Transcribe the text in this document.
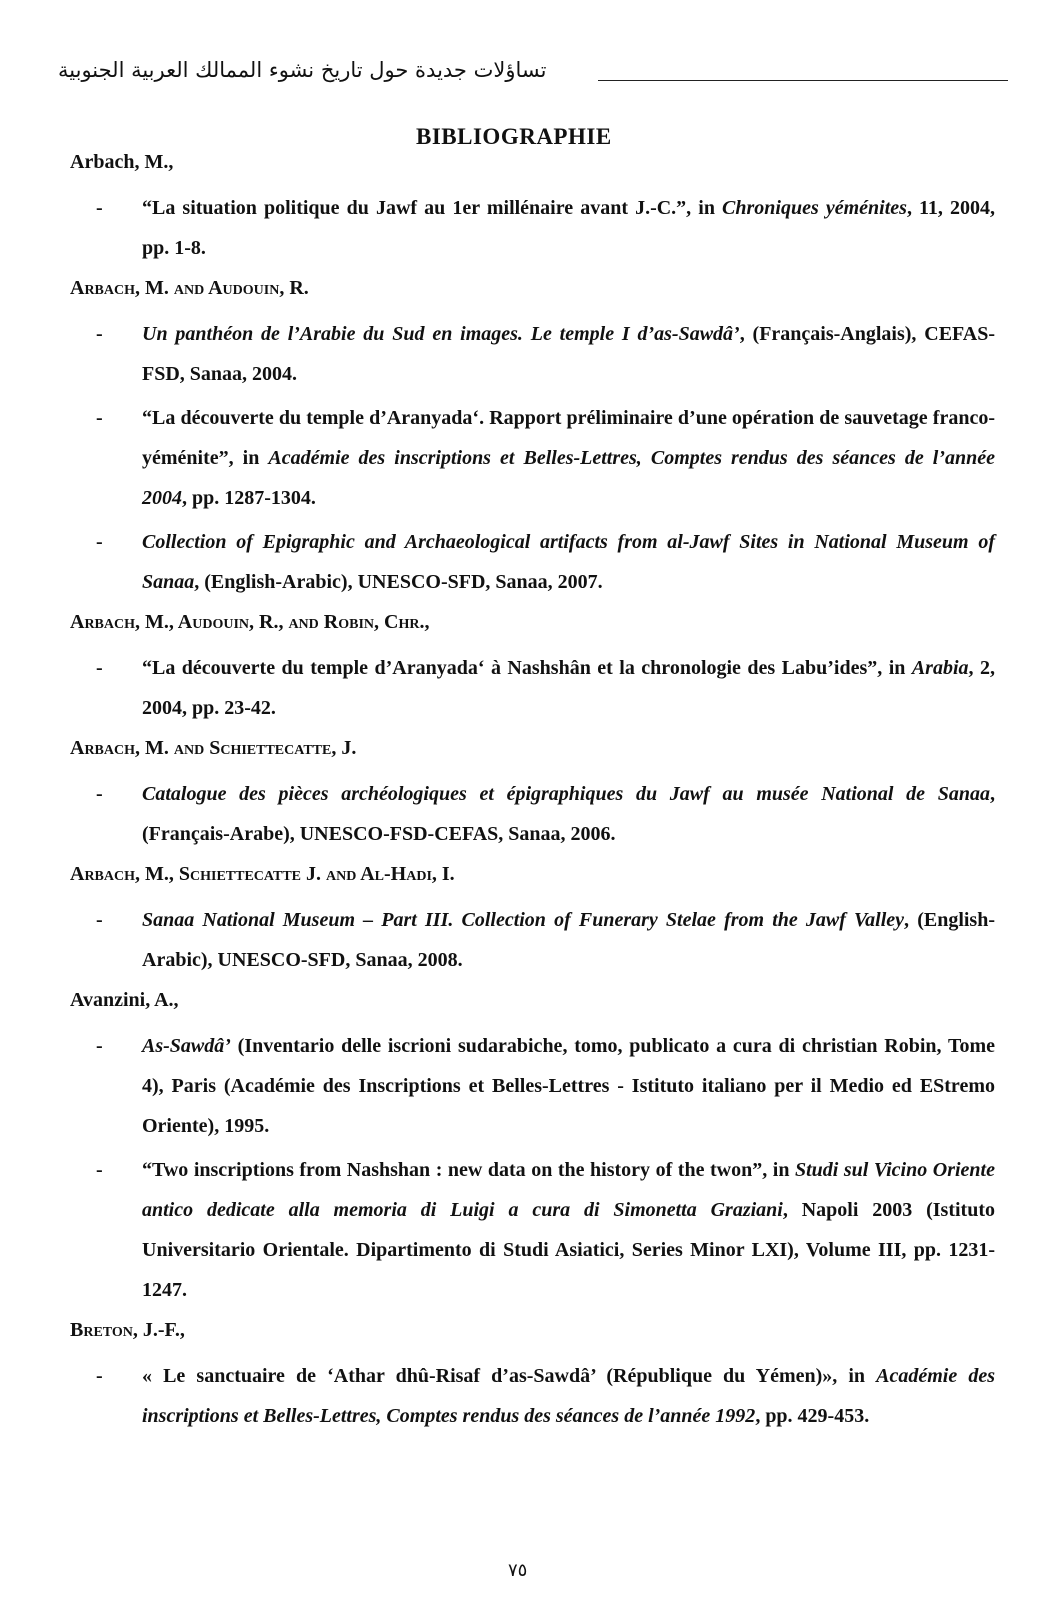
تساؤلات جديدة حول تاريخ نشوء الممالك العربية الجنوبية
BIBLIOGRAPHIE

Arbach, M.,

- “La situation politique du Jawf au 1er millénaire avant J.-C.”, in Chroniques yéménites, 11, 2004, pp. 1-8.

Arbach, M. and Audouin, R.

- Un panthéon de l’Arabie du Sud en images. Le temple I d’as-Sawdâ’, (Français-Anglais), CEFAS-FSD, Sanaa, 2004.

- “La découverte du temple d’Aranyada‘. Rapport préliminaire d’une opération de sauvetage franco-yéménite”, in Académie des inscriptions et Belles-Lettres, Comptes rendus des séances de l’année 2004, pp. 1287-1304.

- Collection of Epigraphic and Archaeological artifacts from al-Jawf Sites in National Museum of Sanaa, (English-Arabic), UNESCO-SFD, Sanaa, 2007.

Arbach, M., Audouin, R., and Robin, Chr.,

- “La découverte du temple d’Aranyada‘ à Nashshân et la chronologie des Labu’ides”, in Arabia, 2, 2004, pp. 23-42.

Arbach, M. and Schiettecatte, J.

- Catalogue des pièces archéologiques et épigraphiques du Jawf au musée National de Sanaa, (Français-Arabe), UNESCO-FSD-CEFAS, Sanaa, 2006.

Arbach, M., Schiettecatte J. and Al-Hadi, I.

- Sanaa National Museum – Part III. Collection of Funerary Stelae from the Jawf Valley, (English-Arabic), UNESCO-SFD, Sanaa, 2008.

Avanzini, A.,

- As-Sawdâ’ (Inventario delle iscrioni sudarabiche, tomo, publicato a cura di christian Robin, Tome 4), Paris (Académie des Inscriptions et Belles-Lettres - Istituto italiano per il Medio ed EStremo Oriente), 1995.

- “Two inscriptions from Nashshan : new data on the history of the twon”, in Studi sul Vicino Oriente antico dedicate alla memoria di Luigi a cura di Simonetta Graziani, Napoli 2003 (Istituto Universitario Orientale. Dipartimento di Studi Asiatici, Series Minor LXI), Volume III, pp. 1231-1247.

Breton, J.-F.,

- « Le sanctuaire de ‘Athar dhû-Risaf d’as-Sawdâ’ (République du Yémen)», in Académie des inscriptions et Belles-Lettres, Comptes rendus des séances de l’année 1992, pp. 429-453.

٧٥
